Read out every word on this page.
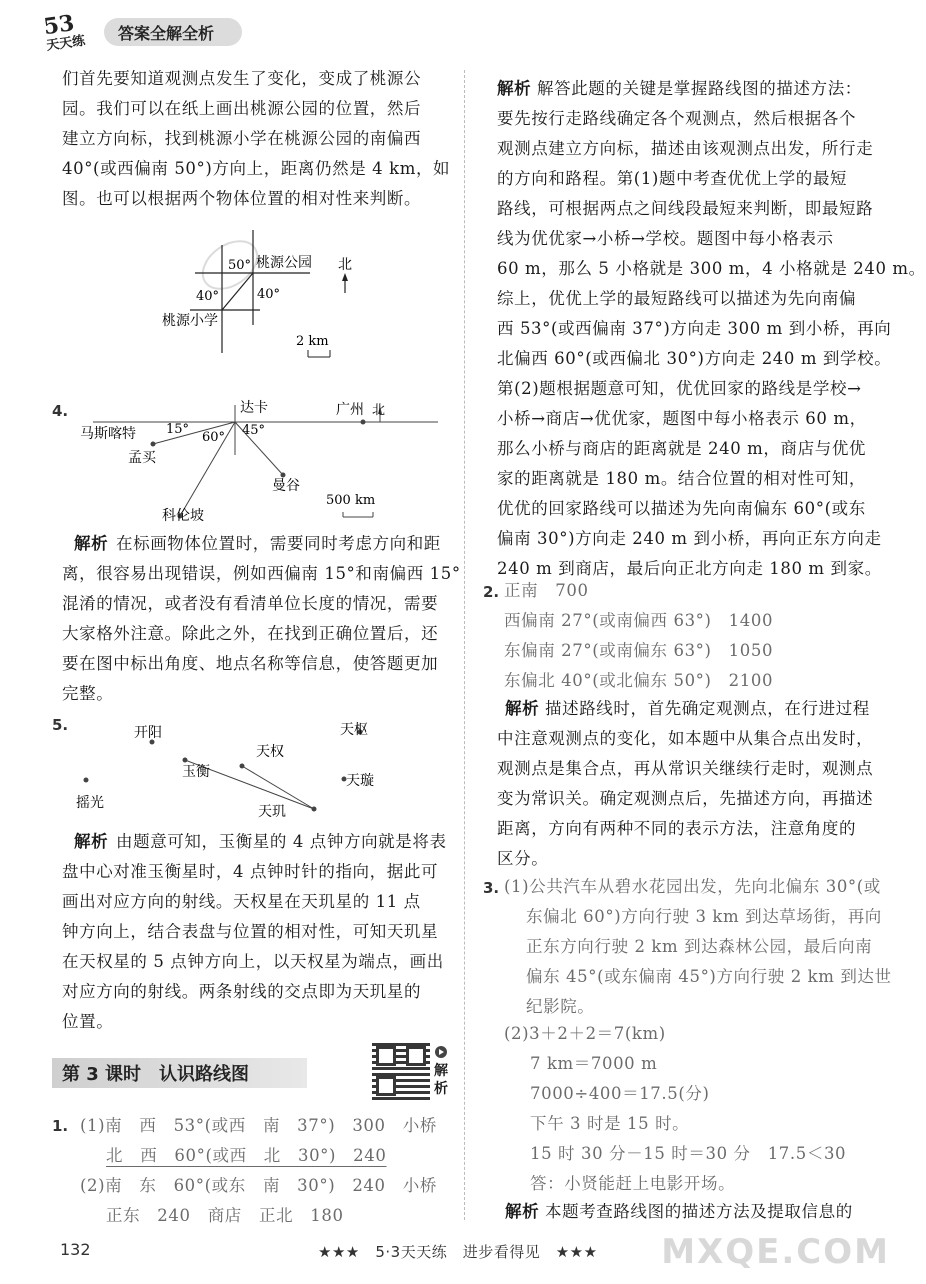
53
天天练
答案全解全析
们首先要知道观测点发生了变化，变成了桃源公
园。我们可以在纸上画出桃源公园的位置，然后
建立方向标，找到桃源小学在桃源公园的南偏西
40°(或西偏南 50°)方向上，距离仍然是 4 km，如
图。也可以根据两个物体位置的相对性来判断。
50° 桃源公园 北
40°	40°
桃源小学
2 km
4.	北
达卡	广州
马斯喀特
孟买
科伦坡
曼谷
15°
60° 45°
500 km
解析 在标画物体位置时，需要同时考虑方向和距
离，很容易出现错误，例如西偏南 15°和南偏西 15°
混淆的情况，或者没有看清单位长度的情况，需要
大家格外注意。除此之外，在找到正确位置后，还
要在图中标出角度、地点名称等信息，使答题更加
完整。
5.	开阳	天枢
天权
玉衡
摇光
天璇
天玑
解析 由题意可知，玉衡星的 4 点钟方向就是将表
盘中心对准玉衡星时，4 点钟时针的指向，据此可
画出对应方向的射线。天权星在天玑星的 11 点
钟方向上，结合表盘与位置的相对性，可知天玑星
在天权星的 5 点钟方向上，以天权星为端点，画出
对应方向的射线。两条射线的交点即为天玑星的
位置。
第 3 课时　认识路线图	解析
1. (1)南　西　53°(或西　南　37°)　300　小桥
北　西　60°(或西　北　30°)　240
(2)南　东　60°(或东　南　30°)　240　小桥
正东　240　商店　正北　180
解析 解答此题的关键是掌握路线图的描述方法：
要先按行走路线确定各个观测点，然后根据各个
观测点建立方向标，描述由该观测点出发，所行走
的方向和路程。第(1)题中考查优优上学的最短
路线，可根据两点之间线段最短来判断，即最短路
线为优优家→小桥→学校。题图中每小格表示
60 m，那么 5 小格就是 300 m，4 小格就是 240 m。
综上，优优上学的最短路线可以描述为先向南偏
西 53°(或西偏南 37°)方向走 300 m 到小桥，再向
北偏西 60°(或西偏北 30°)方向走 240 m 到学校。
第(2)题根据题意可知，优优回家的路线是学校→
小桥→商店→优优家，题图中每小格表示 60 m，
那么小桥与商店的距离就是 240 m，商店与优优
家的距离就是 180 m。结合位置的相对性可知，
优优的回家路线可以描述为先向南偏东 60°(或东
偏南 30°)方向走 240 m 到小桥，再向正东方向走
240 m 到商店，最后向正北方向走 180 m 到家。
2. 正南　700
西偏南 27°(或南偏西 63°)　1400
东偏南 27°(或南偏东 63°)　1050
东偏北 40°(或北偏东 50°)　2100
解析 描述路线时，首先确定观测点，在行进过程
中注意观测点的变化，如本题中从集合点出发时，
观测点是集合点，再从常识关继续行走时，观测点
变为常识关。确定观测点后，先描述方向，再描述
距离，方向有两种不同的表示方法，注意角度的
区分。
3. (1)公共汽车从碧水花园出发，先向北偏东 30°(或
东偏北 60°)方向行驶 3 km 到达草场街，再向
正东方向行驶 2 km 到达森林公园，最后向南
偏东 45°(或东偏南 45°)方向行驶 2 km 到达世
纪影院。
(2)3＋2＋2＝7(km)
7 km＝7000 m
7000÷400＝17.5(分)
下午 3 时是 15 时。
15 时 30 分－15 时＝30 分　17.5＜30
答：小贤能赶上电影开场。
解析 本题考查路线图的描述方法及提取信息的
MXQE.COM
132	★★★　5·3天天练　进步看得见　★★★
